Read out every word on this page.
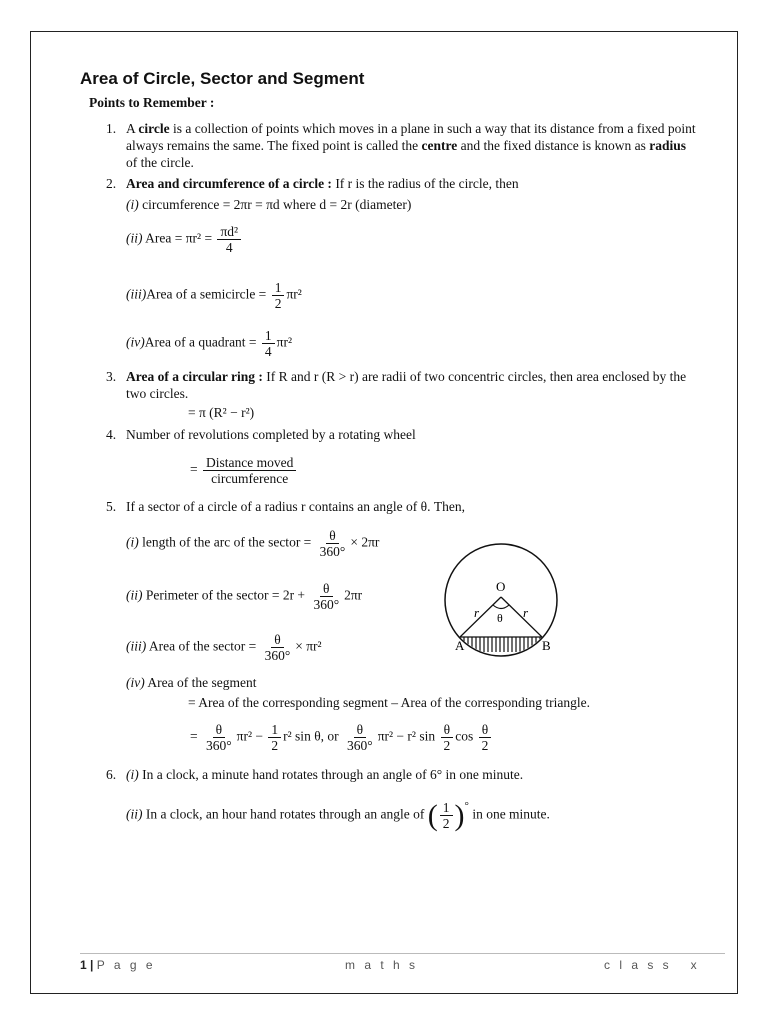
Area of Circle, Sector and Segment
Points to Remember :
1. A circle is a collection of points which moves in a plane in such a way that its distance from a fixed point
always remains the same. The fixed point is called the centre and the fixed distance is known as radius
of the circle.
2. Area and circumference of a circle : If r is the radius of the circle, then
(i) circumference = 2πr = πd where d = 2r (diameter)
(ii) Area = $\pi r^2 = \frac{\text{πd²}}{4}$
(iii)Area of a semicircle = $\frac{1}{2} \pi r^2$
(iv)Area of a quadrant = $\frac{1}{4} \pi r^2$
3. Area of a circular ring : If R and r (R > r) are radii of two concentric circles, then area enclosed by the
two circles.
= π (R² − r²)
4. Number of revolutions completed by a rotating wheel
= $\frac{\text{Distance moved}}{\text{circumference}}$
5. If a sector of a circle of a radius r contains an angle of θ. Then,
(i) length of the arc of the sector = $\frac{\theta}{360^\circ} \times 2\pi r$
(ii) Perimeter of the sector = $2r + \frac{\theta}{360^\circ} 2\pi r$
(iii) Area of the sector = $\frac{\theta}{360^\circ} \times \pi r^2$
(iv) Area of the segment
= Area of the corresponding segment – Area of the corresponding triangle.
= $\frac{\theta}{360^\circ} \pi r^2 - \frac{1}{2} r^2$ sin θ, or $\frac{\theta}{360^\circ} \pi r^2 - r^2$ $\sin \frac{\theta}{2}$ $\cos \frac{\theta}{2}$
O
A	B
r	r
θ
6. (i) In a clock, a minute hand rotates through an angle of 6° in one minute.
(ii) In a clock, an hour hand rotates through an angle of ( $\frac{1}{2} )^\circ$
in one minute.
1 | P a g e	m a t h s	c l a s s   x
